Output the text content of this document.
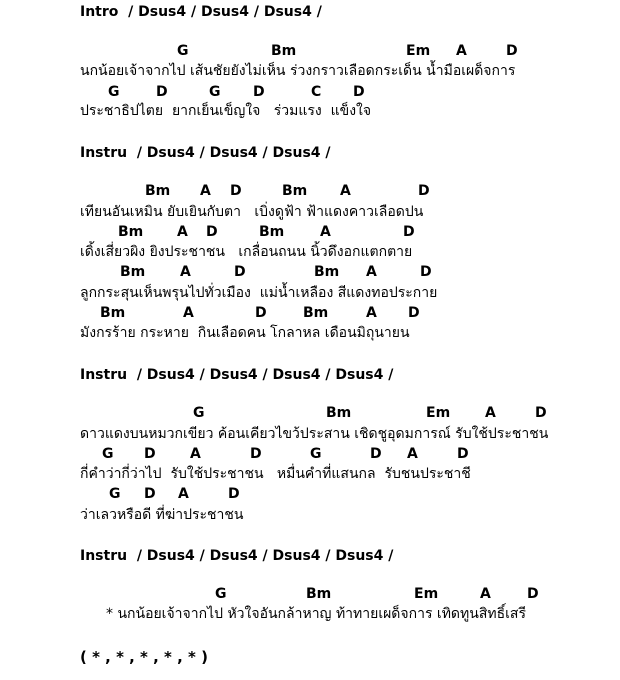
Intro  / Dsus4 / Dsus4 / Dsus4 /
G	Bm	Em A	D
นกน้อยเจ้าจากไป เส้นชัยยังไม่เห็น ร่วงกราวเลือดกระเด็น น้ำมือเผด็จการ
G	D	G D	C D
ประชาธิปไตย  ยากเย็นเข็ญใจ   ร่วมแรง  แข็งใจ
Instru  / Dsus4 / Dsus4 / Dsus4 /
Bm A D	Bm A	D
เทียนอันเหมิน ยับเยินกับตา   เบิ่งดูฟ้า ฟ้าแดงคาวเลือดปน
Bm A D	Bm	A	D
เดิ้งเสี่ยวผิง ยิงประชาชน   เกลื่อนถนน นิ้วดึงอกแตกตาย
Bm A	D	Bm A	D
ลูกกระสุนเห็นพรุนไปทั่วเมือง  แม่น้ำเหลือง สีแดงทอประกาย
Bm	A	D	Bm	A D
มังกรร้าย กระหาย  กินเลือดคน โกลาหล เดือนมิถุนายน
Instru  / Dsus4 / Dsus4 / Dsus4 / Dsus4 /
G	Bm	Em A	D
ดาวแดงบนหมวกเขียว ค้อนเคียวไขว้ประสาน เชิดชูอุดมการณ์ รับใช้ประชาชน
G D A	D	G	D A	D
กี่คำว่ากี่ว่าไป  รับใช้ประชาชน   หมื่นคำที่แสนกล  รับชนประชาชี
G D A	D
ว่าเลวหรือดี ที่ฆ่าประชาชน
Instru  / Dsus4 / Dsus4 / Dsus4 / Dsus4 /
G	Bm	Em	A	D
* นกน้อยเจ้าจากไป หัวใจอันกล้าหาญ ท้าทายเผด็จการ เทิดทูนสิทธิ์เสรี
( * , * , * , * , * )
